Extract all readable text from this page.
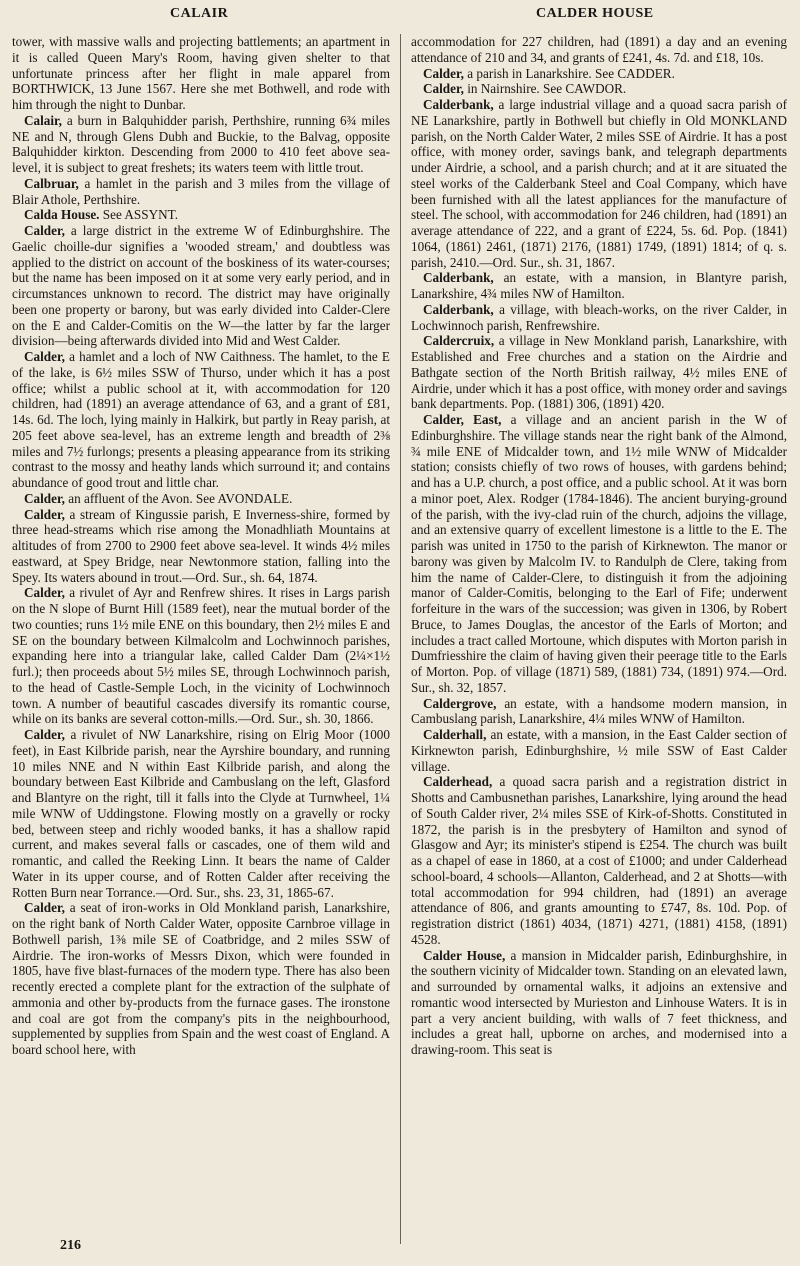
CALAIR	CALDER HOUSE

tower, with massive walls and projecting battlements; an apartment in it is called Queen Mary's Room, having given shelter to that unfortunate princess after her flight in male apparel from BORTHWICK, 13 June 1567. Here she met Bothwell, and rode with him through the night to Dunbar.

Calair, a burn in Balquhidder parish, Perthshire, running 6¾ miles NE and N, through Glens Dubh and Buckie, to the Balvag, opposite Balquhidder kirkton. Descending from 2000 to 410 feet above sea-level, it is subject to great freshets; its waters teem with little trout.

Calbruar, a hamlet in the parish and 3 miles from the village of Blair Athole, Perthshire.

Calda House. See ASSYNT.

Calder, a large district in the extreme W of Edinburghshire. The Gaelic choille-dur signifies a 'wooded stream,' and doubtless was applied to the district on account of the boskiness of its water-courses; but the name has been imposed on it at some very early period, and in circumstances unknown to record. The district may have originally been one property or barony, but was early divided into Calder-Clere on the E and Calder-Comitis on the W—the latter by far the larger division—being afterwards divided into Mid and West Calder.

Calder, a hamlet and a loch of NW Caithness. The hamlet, to the E of the lake, is 6½ miles SSW of Thurso, under which it has a post office; whilst a public school at it, with accommodation for 120 children, had (1891) an average attendance of 63, and a grant of £81, 14s. 6d. The loch, lying mainly in Halkirk, but partly in Reay parish, at 205 feet above sea-level, has an extreme length and breadth of 2⅜ miles and 7½ furlongs; presents a pleasing appearance from its striking contrast to the mossy and heathy lands which surround it; and contains abundance of good trout and little char.

Calder, an affluent of the Avon. See AVONDALE.

Calder, a stream of Kingussie parish, E Inverness-shire, formed by three head-streams which rise among the Monadhliath Mountains at altitudes of from 2700 to 2900 feet above sea-level. It winds 4½ miles eastward, at Spey Bridge, near Newtonmore station, falling into the Spey. Its waters abound in trout.—Ord. Sur., sh. 64, 1874.

Calder, a rivulet of Ayr and Renfrew shires. It rises in Largs parish on the N slope of Burnt Hill (1589 feet), near the mutual border of the two counties; runs 1½ mile ENE on this boundary, then 2½ miles E and SE on the boundary between Kilmalcolm and Lochwinnoch parishes, expanding here into a triangular lake, called Calder Dam (2¼×1½ furl.); then proceeds about 5½ miles SE, through Lochwinnoch parish, to the head of Castle-Semple Loch, in the vicinity of Lochwinnoch town. A number of beautiful cascades diversify its romantic course, while on its banks are several cotton-mills.—Ord. Sur., sh. 30, 1866.

Calder, a rivulet of NW Lanarkshire, rising on Elrig Moor (1000 feet), in East Kilbride parish, near the Ayrshire boundary, and running 10 miles NNE and N within East Kilbride parish, and along the boundary between East Kilbride and Cambuslang on the left, Glasford and Blantyre on the right, till it falls into the Clyde at Turnwheel, 1¼ mile WNW of Uddingstone. Flowing mostly on a gravelly or rocky bed, between steep and richly wooded banks, it has a shallow rapid current, and makes several falls or cascades, one of them wild and romantic, and called the Reeking Linn. It bears the name of Calder Water in its upper course, and of Rotten Calder after receiving the Rotten Burn near Torrance.—Ord. Sur., shs. 23, 31, 1865-67.

Calder, a seat of iron-works in Old Monkland parish, Lanarkshire, on the right bank of North Calder Water, opposite Carnbroe village in Bothwell parish, 1⅜ mile SE of Coatbridge, and 2 miles SSW of Airdrie. The iron-works of Messrs Dixon, which were founded in 1805, have five blast-furnaces of the modern type. There has also been recently erected a complete plant for the extraction of the sulphate of ammonia and other by-products from the furnace gases. The ironstone and coal are got from the company's pits in the neighbourhood, supplemented by supplies from Spain and the west coast of England. A board school here, with

accommodation for 227 children, had (1891) a day and an evening attendance of 210 and 34, and grants of £241, 4s. 7d. and £18, 10s.

Calder, a parish in Lanarkshire. See CADDER.

Calder, in Nairnshire. See CAWDOR.

Calderbank, a large industrial village and a quoad sacra parish of NE Lanarkshire, partly in Bothwell but chiefly in Old MONKLAND parish, on the North Calder Water, 2 miles SSE of Airdrie. It has a post office, with money order, savings bank, and telegraph departments under Airdrie, a school, and a parish church; and at it are situated the steel works of the Calderbank Steel and Coal Company, which have been furnished with all the latest appliances for the manufacture of steel. The school, with accommodation for 246 children, had (1891) an average attendance of 222, and a grant of £224, 5s. 6d. Pop. (1841) 1064, (1861) 2461, (1871) 2176, (1881) 1749, (1891) 1814; of q. s. parish, 2410.—Ord. Sur., sh. 31, 1867.

Calderbank, an estate, with a mansion, in Blantyre parish, Lanarkshire, 4¾ miles NW of Hamilton.

Calderbank, a village, with bleach-works, on the river Calder, in Lochwinnoch parish, Renfrewshire.

Caldercruix, a village in New Monkland parish, Lanarkshire, with Established and Free churches and a station on the Airdrie and Bathgate section of the North British railway, 4½ miles ENE of Airdrie, under which it has a post office, with money order and savings bank departments. Pop. (1881) 306, (1891) 420.

Calder, East, a village and an ancient parish in the W of Edinburghshire. The village stands near the right bank of the Almond, ¾ mile ENE of Midcalder town, and 1½ mile WNW of Midcalder station; consists chiefly of two rows of houses, with gardens behind; and has a U.P. church, a post office, and a public school. At it was born a minor poet, Alex. Rodger (1784-1846). The ancient burying-ground of the parish, with the ivy-clad ruin of the church, adjoins the village, and an extensive quarry of excellent limestone is a little to the E. The parish was united in 1750 to the parish of Kirknewton. The manor or barony was given by Malcolm IV. to Randulph de Clere, taking from him the name of Calder-Clere, to distinguish it from the adjoining manor of Calder-Comitis, belonging to the Earl of Fife; underwent forfeiture in the wars of the succession; was given in 1306, by Robert Bruce, to James Douglas, the ancestor of the Earls of Morton; and includes a tract called Mortoune, which disputes with Morton parish in Dumfriesshire the claim of having given their peerage title to the Earls of Morton. Pop. of village (1871) 589, (1881) 734, (1891) 974.—Ord. Sur., sh. 32, 1857.

Caldergrove, an estate, with a handsome modern mansion, in Cambuslang parish, Lanarkshire, 4¼ miles WNW of Hamilton.

Calderhall, an estate, with a mansion, in the East Calder section of Kirknewton parish, Edinburghshire, ½ mile SSW of East Calder village.

Calderhead, a quoad sacra parish and a registration district in Shotts and Cambusnethan parishes, Lanarkshire, lying around the head of South Calder river, 2¼ miles SSE of Kirk-of-Shotts. Constituted in 1872, the parish is in the presbytery of Hamilton and synod of Glasgow and Ayr; its minister's stipend is £254. The church was built as a chapel of ease in 1860, at a cost of £1000; and under Calderhead school-board, 4 schools—Allanton, Calderhead, and 2 at Shotts—with total accommodation for 994 children, had (1891) an average attendance of 806, and grants amounting to £747, 8s. 10d. Pop. of registration district (1861) 4034, (1871) 4271, (1881) 4158, (1891) 4528.

Calder House, a mansion in Midcalder parish, Edinburghshire, in the southern vicinity of Midcalder town. Standing on an elevated lawn, and surrounded by ornamental walks, it adjoins an extensive and romantic wood intersected by Murieston and Linhouse Waters. It is in part a very ancient building, with walls of 7 feet thickness, and includes a great hall, upborne on arches, and modernised into a drawing-room. This seat is

216
